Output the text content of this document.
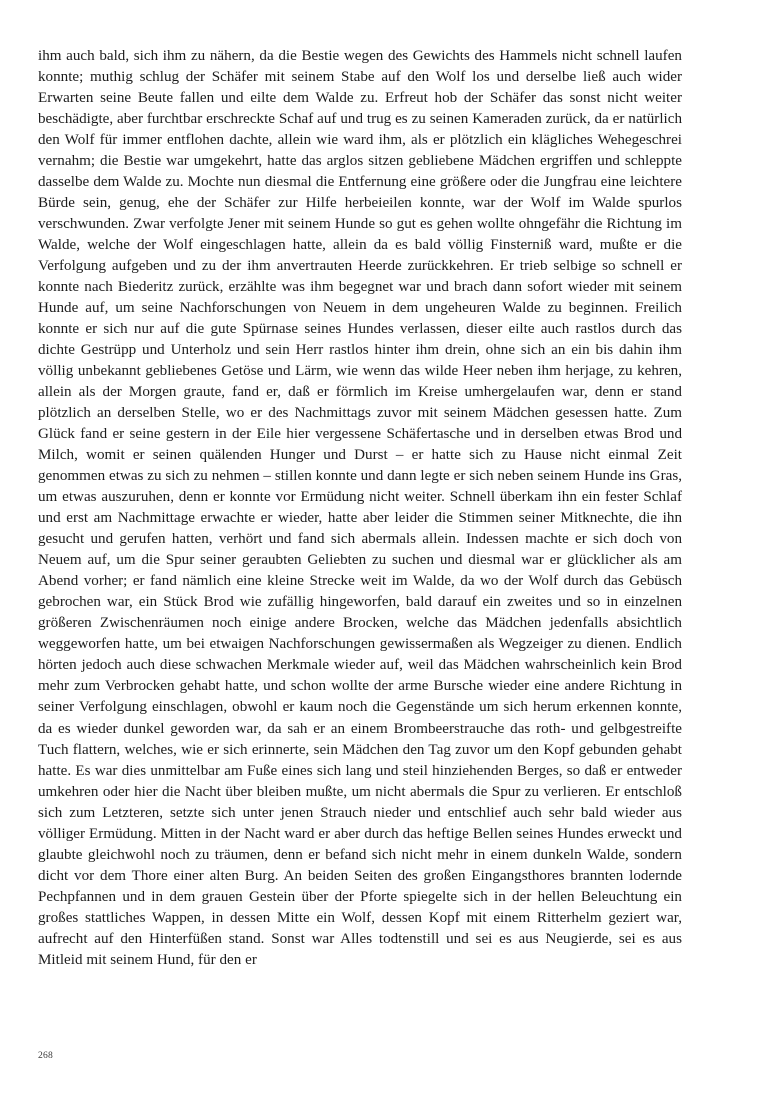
ihm auch bald, sich ihm zu nähern, da die Bestie wegen des Gewichts des Hammels nicht schnell laufen konnte; muthig schlug der Schäfer mit seinem Stabe auf den Wolf los und derselbe ließ auch wider Erwarten seine Beute fallen und eilte dem Walde zu. Erfreut hob der Schäfer das sonst nicht weiter beschädigte, aber furchtbar erschreckte Schaf auf und trug es zu seinen Kameraden zurück, da er natürlich den Wolf für immer entflohen dachte, allein wie ward ihm, als er plötzlich ein klägliches Wehegeschrei vernahm; die Bestie war umgekehrt, hatte das arglos sitzen gebliebene Mädchen ergriffen und schleppte dasselbe dem Walde zu. Mochte nun diesmal die Entfernung eine größere oder die Jungfrau eine leichtere Bürde sein, genug, ehe der Schäfer zur Hilfe herbeieilen konnte, war der Wolf im Walde spurlos verschwunden. Zwar verfolgte Jener mit seinem Hunde so gut es gehen wollte ohngefähr die Richtung im Walde, welche der Wolf eingeschlagen hatte, allein da es bald völlig Finsterniß ward, mußte er die Verfolgung aufgeben und zu der ihm anvertrauten Heerde zurückkehren. Er trieb selbige so schnell er konnte nach Biederitz zurück, erzählte was ihm begegnet war und brach dann sofort wieder mit seinem Hunde auf, um seine Nachforschungen von Neuem in dem ungeheuren Walde zu beginnen. Freilich konnte er sich nur auf die gute Spürnase seines Hundes verlassen, dieser eilte auch rastlos durch das dichte Gestrüpp und Unterholz und sein Herr rastlos hinter ihm drein, ohne sich an ein bis dahin ihm völlig unbekannt gebliebenes Getöse und Lärm, wie wenn das wilde Heer neben ihm herjage, zu kehren, allein als der Morgen graute, fand er, daß er förmlich im Kreise umhergelaufen war, denn er stand plötzlich an derselben Stelle, wo er des Nachmittags zuvor mit seinem Mädchen gesessen hatte. Zum Glück fand er seine gestern in der Eile hier vergessene Schäfertasche und in derselben etwas Brod und Milch, womit er seinen quälenden Hunger und Durst – er hatte sich zu Hause nicht einmal Zeit genommen etwas zu sich zu nehmen – stillen konnte und dann legte er sich neben seinem Hunde ins Gras, um etwas auszuruhen, denn er konnte vor Ermüdung nicht weiter. Schnell überkam ihn ein fester Schlaf und erst am Nachmittage erwachte er wieder, hatte aber leider die Stimmen seiner Mitknechte, die ihn gesucht und gerufen hatten, verhört und fand sich abermals allein. Indessen machte er sich doch von Neuem auf, um die Spur seiner geraubten Geliebten zu suchen und diesmal war er glücklicher als am Abend vorher; er fand nämlich eine kleine Strecke weit im Walde, da wo der Wolf durch das Gebüsch gebrochen war, ein Stück Brod wie zufällig hingeworfen, bald darauf ein zweites und so in einzelnen größeren Zwischenräumen noch einige andere Brocken, welche das Mädchen jedenfalls absichtlich weggeworfen hatte, um bei etwaigen Nachforschungen gewissermaßen als Wegzeiger zu dienen. Endlich hörten jedoch auch diese schwachen Merkmale wieder auf, weil das Mädchen wahrscheinlich kein Brod mehr zum Verbrocken gehabt hatte, und schon wollte der arme Bursche wieder eine andere Richtung in seiner Verfolgung einschlagen, obwohl er kaum noch die Gegenstände um sich herum erkennen konnte, da es wieder dunkel geworden war, da sah er an einem Brombeerstrauche das roth- und gelbgestreifte Tuch flattern, welches, wie er sich erinnerte, sein Mädchen den Tag zuvor um den Kopf gebunden gehabt hatte. Es war dies unmittelbar am Fuße eines sich lang und steil hinziehenden Berges, so daß er entweder umkehren oder hier die Nacht über bleiben mußte, um nicht abermals die Spur zu verlieren. Er entschloß sich zum Letzteren, setzte sich unter jenen Strauch nieder und entschlief auch sehr bald wieder aus völliger Ermüdung. Mitten in der Nacht ward er aber durch das heftige Bellen seines Hundes erweckt und glaubte gleichwohl noch zu träumen, denn er befand sich nicht mehr in einem dunkeln Walde, sondern dicht vor dem Thore einer alten Burg. An beiden Seiten des großen Eingangsthores brannten lodernde Pechpfannen und in dem grauen Gestein über der Pforte spiegelte sich in der hellen Beleuchtung ein großes stattliches Wappen, in dessen Mitte ein Wolf, dessen Kopf mit einem Ritterhelm geziert war, aufrecht auf den Hinterfüßen stand. Sonst war Alles todtenstill und sei es aus Neugierde, sei es aus Mitleid mit seinem Hund, für den er

268
